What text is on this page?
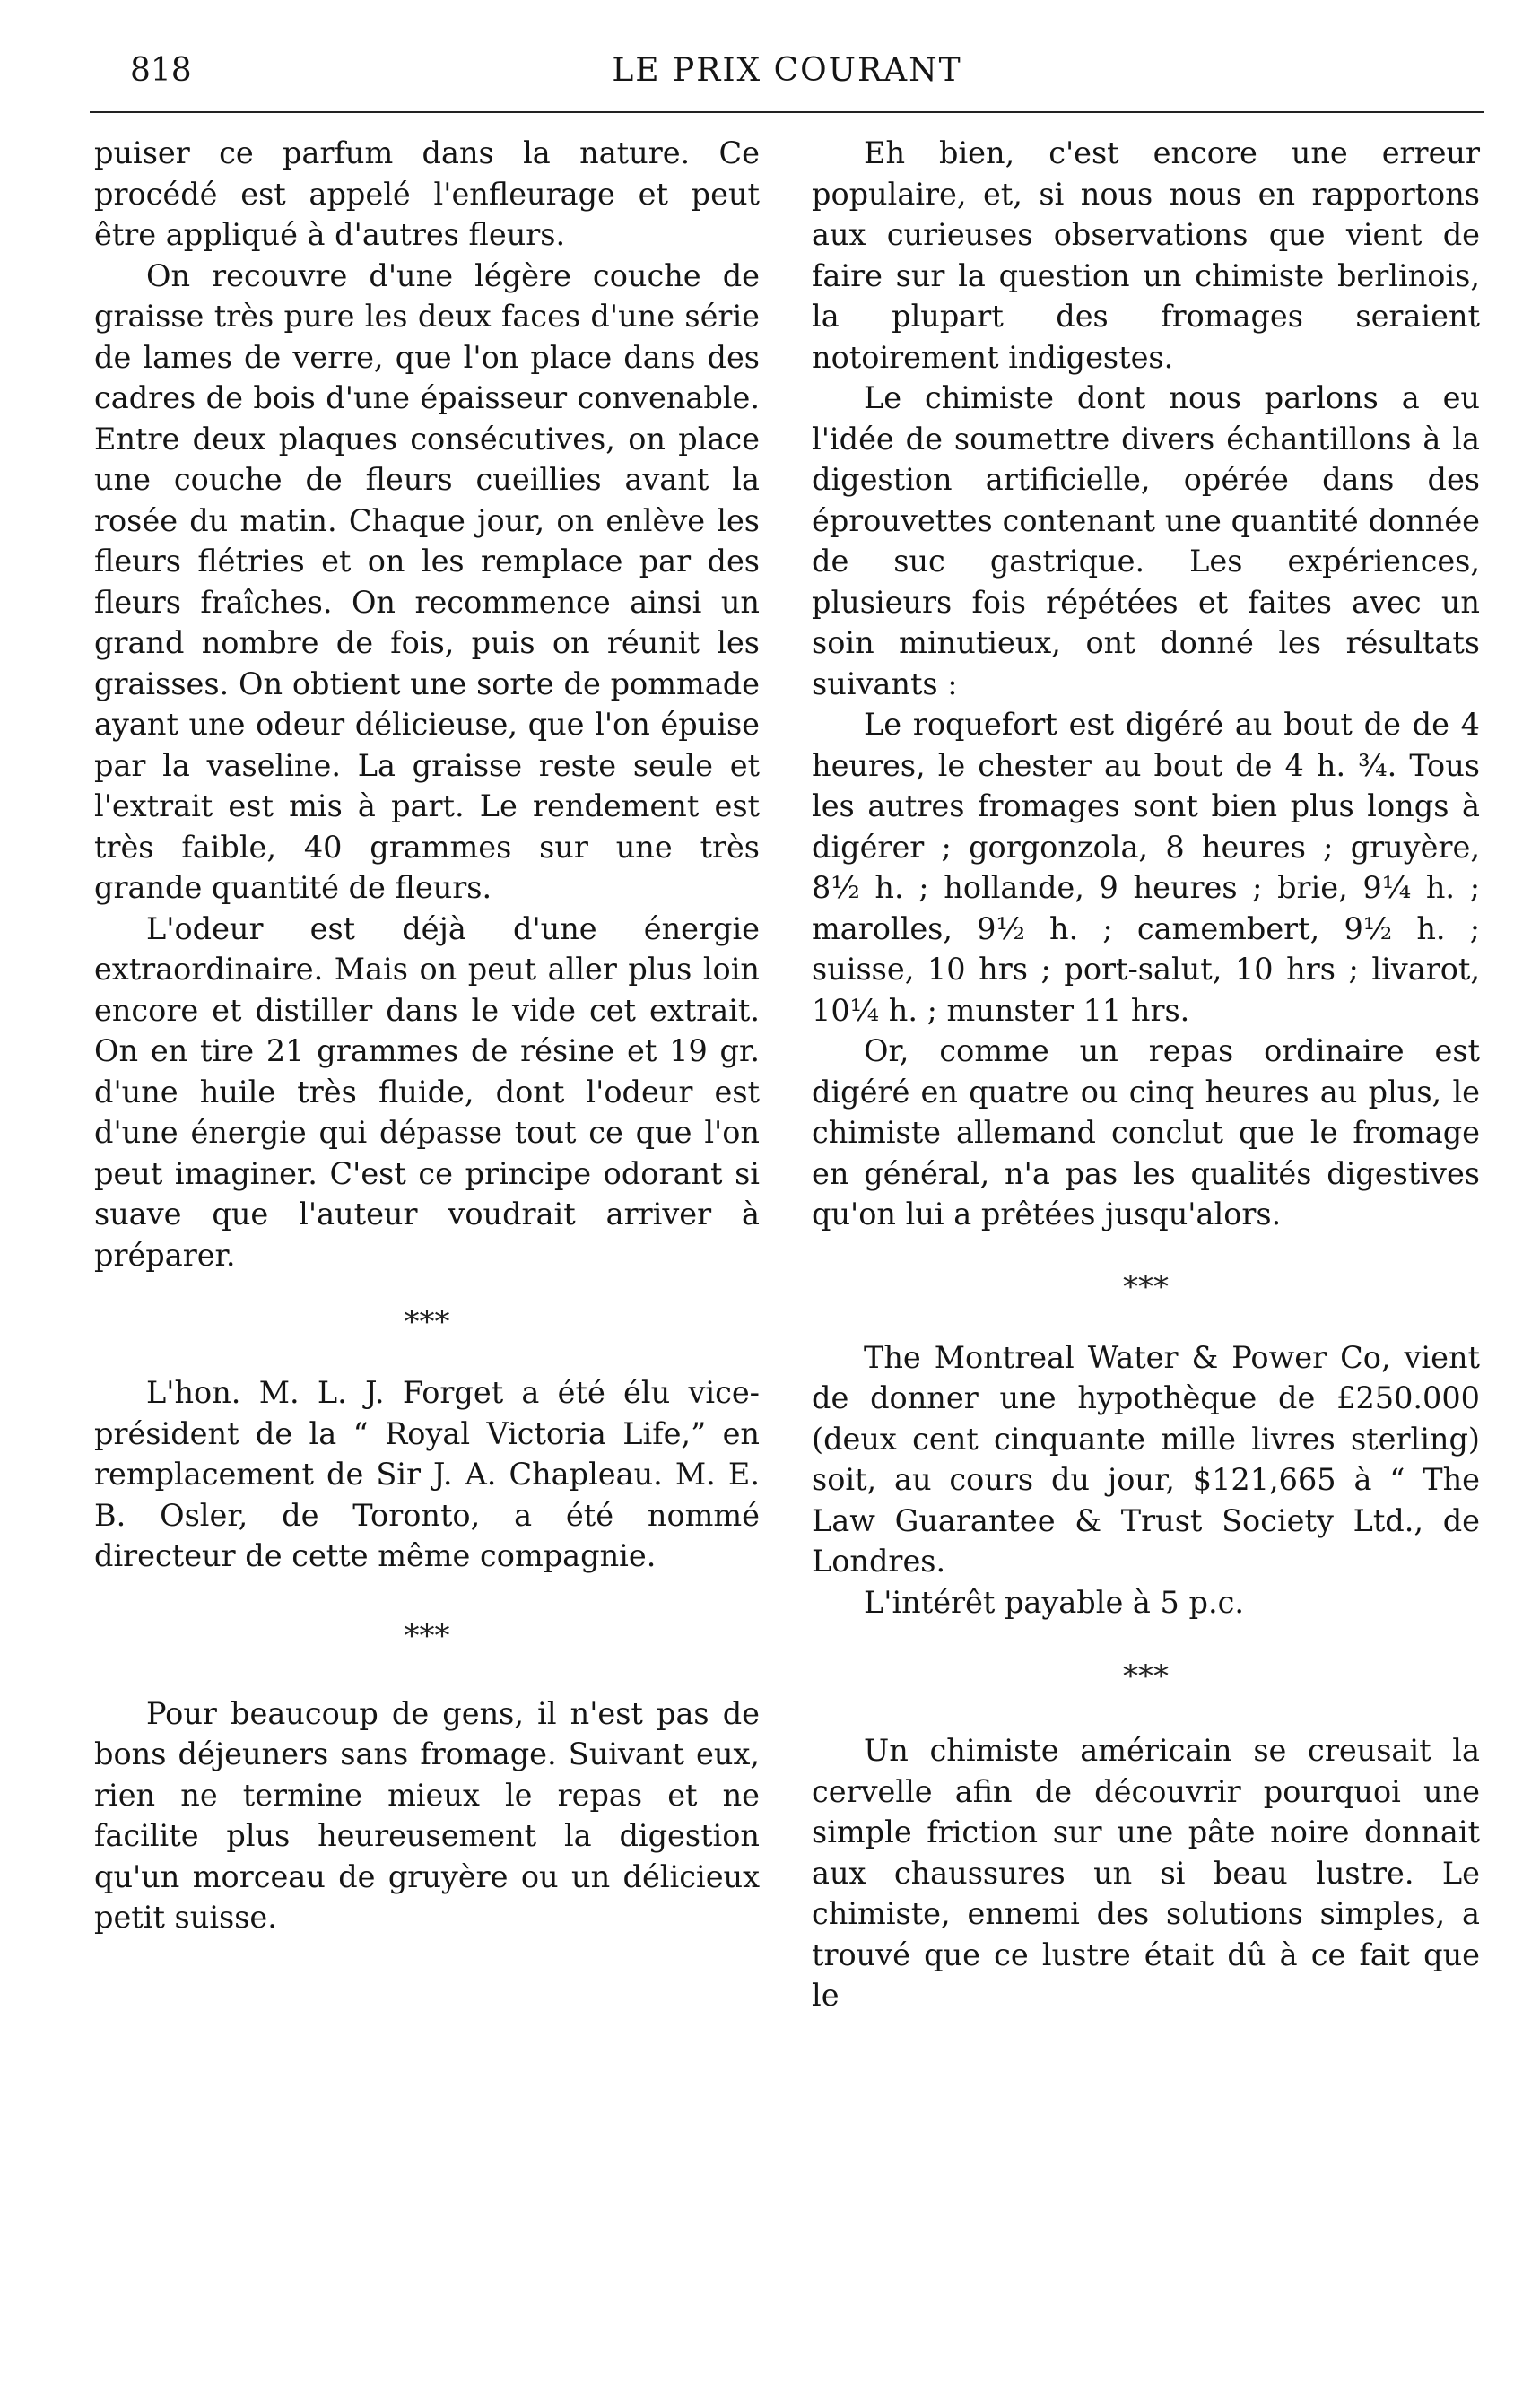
818	LE PRIX COURANT

puiser ce parfum dans la nature. Ce procédé est appelé l'enfleurage et peut être appliqué à d'autres fleurs.

On recouvre d'une légère couche de graisse très pure les deux faces d'une série de lames de verre, que l'on place dans des cadres de bois d'une épaisseur convenable. Entre deux plaques consécutives, on place une couche de fleurs cueillies avant la rosée du matin. Chaque jour, on enlève les fleurs flétries et on les remplace par des fleurs fraîches. On recommence ainsi un grand nombre de fois, puis on réunit les graisses. On obtient une sorte de pommade ayant une odeur délicieuse, que l'on épuise par la vaseline. La graisse reste seule et l'extrait est mis à part. Le rendement est très faible, 40 grammes sur une très grande quantité de fleurs.

L'odeur est déjà d'une énergie extraordinaire. Mais on peut aller plus loin encore et distiller dans le vide cet extrait. On en tire 21 grammes de résine et 19 gr. d'une huile très fluide, dont l'odeur est d'une énergie qui dépasse tout ce que l'on peut imaginer. C'est ce principe odorant si suave que l'auteur voudrait arriver à préparer.

***

L'hon. M. L. J. Forget a été élu vice-président de la “ Royal Victoria Life,” en remplacement de Sir J. A. Chapleau. M. E. B. Osler, de Toronto, a été nommé directeur de cette même compagnie.

***

Pour beaucoup de gens, il n'est pas de bons déjeuners sans fromage. Suivant eux, rien ne termine mieux le repas et ne facilite plus heureusement la digestion qu'un morceau de gruyère ou un délicieux petit suisse.

Eh bien, c'est encore une erreur populaire, et, si nous nous en rapportons aux curieuses observations que vient de faire sur la question un chimiste berlinois, la plupart des fromages seraient notoirement indigestes.

Le chimiste dont nous parlons a eu l'idée de soumettre divers échantillons à la digestion artificielle, opérée dans des éprouvettes contenant une quantité donnée de suc gastrique. Les expériences, plusieurs fois répétées et faites avec un soin minutieux, ont donné les résultats suivants :

Le roquefort est digéré au bout de de 4 heures, le chester au bout de 4 h. ¾. Tous les autres fromages sont bien plus longs à digérer ; gorgonzola, 8 heures ; gruyère, 8½ h. ; hollande, 9 heures ; brie, 9¼ h. ; marolles, 9½ h. ; camembert, 9½ h. ; suisse, 10 hrs ; port-salut, 10 hrs ; livarot, 10¼ h. ; munster 11 hrs.

Or, comme un repas ordinaire est digéré en quatre ou cinq heures au plus, le chimiste allemand conclut que le fromage en général, n'a pas les qualités digestives qu'on lui a prêtées jusqu'alors.

***

The Montreal Water & Power Co, vient de donner une hypothèque de £250.000 (deux cent cinquante mille livres sterling) soit, au cours du jour, $121,665 à “ The Law Guarantee & Trust Society Ltd., de Londres.

L'intérêt payable à 5 p.c.

***

Un chimiste américain se creusait la cervelle afin de découvrir pourquoi une simple friction sur une pâte noire donnait aux chaussures un si beau lustre. Le chimiste, ennemi des solutions simples, a trouvé que ce lustre était dû à ce fait que le
